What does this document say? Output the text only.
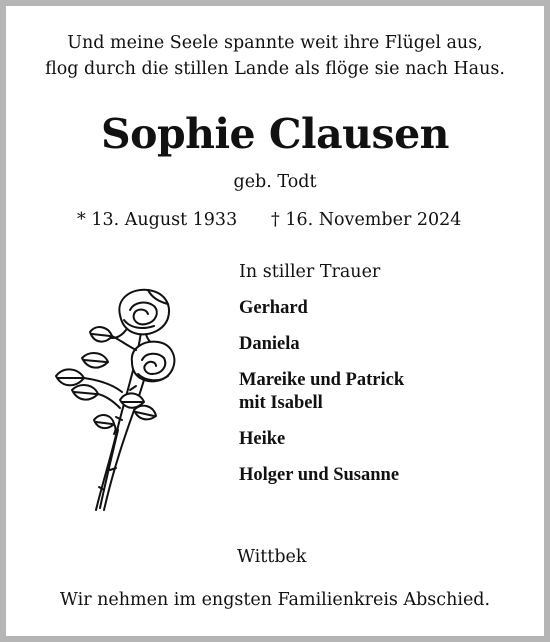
Und meine Seele spannte weit ihre Flügel aus,
flog durch die stillen Lande als flöge sie nach Haus.
Sophie Clausen
geb. Todt
* 13. August 1933 † 16. November 2024
In stiller Trauer
Gerhard
Daniela
Mareike und Patrick
mit Isabell
Heike
Holger und Susanne
Wittbek
Wir nehmen im engsten Familienkreis Abschied.
